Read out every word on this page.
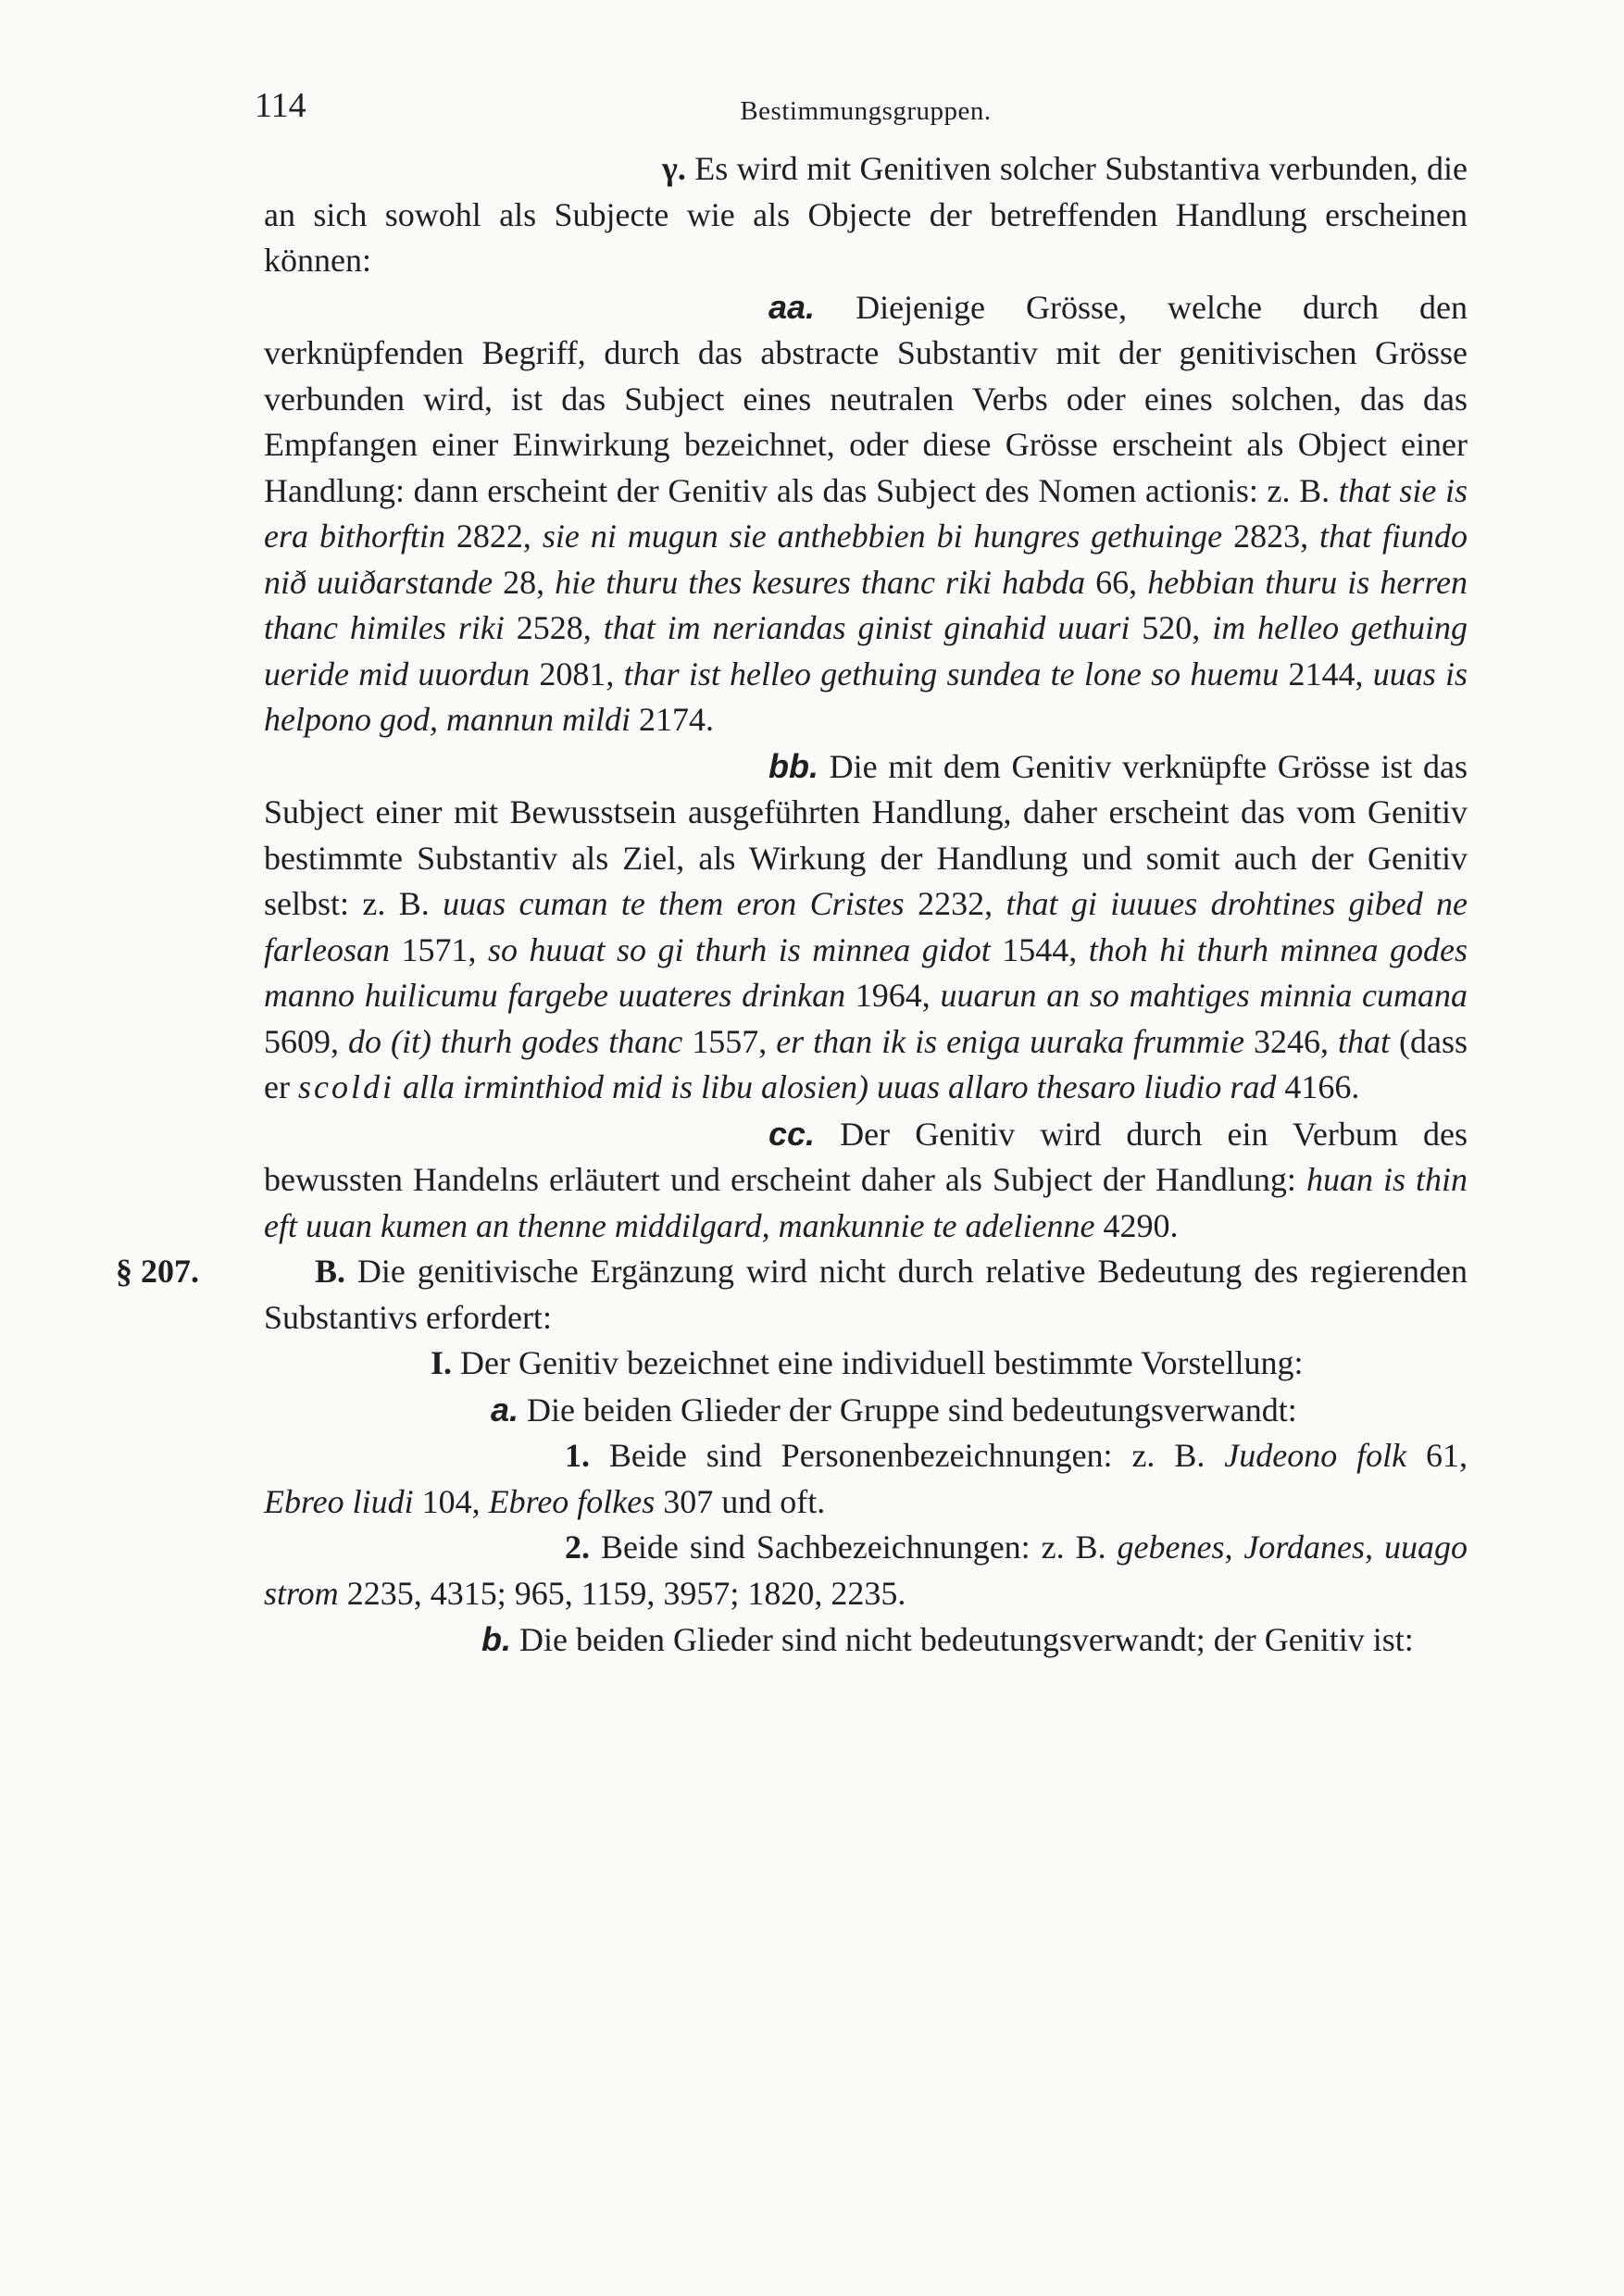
114	Bestimmungsgruppen.

γ. Es wird mit Genitiven solcher Substantiva verbunden, die an sich sowohl als Subjecte wie als Objecte der betreffenden Handlung erscheinen können:

aa. Diejenige Grösse, welche durch den verknüpfenden Begriff, durch das abstracte Substantiv mit der genitivischen Grösse verbunden wird, ist das Subject eines neutralen Verbs oder eines solchen, das das Empfangen einer Einwirkung bezeichnet, oder diese Grösse erscheint als Object einer Handlung: dann erscheint der Genitiv als das Subject des Nomen actionis: z. B. that sie is era bithorftin 2822, sie ni mugun sie anthebbien bi hungres gethuinge 2823, that fiundo nið uuiðarstande 28, hie thuru thes kesures thanc riki habda 66, hebbian thuru is herren thanc himiles riki 2528, that im neriandas ginist ginahid uuari 520, im helleo gethuing ueride mid uuordun 2081, thar ist helleo gethuing sundea te lone so huemu 2144, uuas is helpono god, mannun mildi 2174.

bb. Die mit dem Genitiv verknüpfte Grösse ist das Subject einer mit Bewusstsein ausgeführten Handlung, daher erscheint das vom Genitiv bestimmte Substantiv als Ziel, als Wirkung der Handlung und somit auch der Genitiv selbst: z. B. uuas cuman te them eron Cristes 2232, that gi iuuues drohtines gibed ne farleosan 1571, so huuat so gi thurh is minnea gidot 1544, thoh hi thurh minnea godes manno huilicumu fargebe uuateres drinkan 1964, uuarun an so mahtiges minnia cumana 5609, do (it) thurh godes thanc 1557, er than ik is eniga uuraka frummie 3246, that (dass er scoldi alla irminthiod mid is libu alosien) uuas allaro thesaro liudio rad 4166.

cc. Der Genitiv wird durch ein Verbum des bewussten Handelns erläutert und erscheint daher als Subject der Handlung: huan is thin eft uuan kumen an thenne middilgard, mankunnie te adelienne 4290.

§ 207.	B. Die genitivische Ergänzung wird nicht durch relative Bedeutung des regierenden Substantivs erfordert:

I. Der Genitiv bezeichnet eine individuell bestimmte Vorstellung:

a. Die beiden Glieder der Gruppe sind bedeutungsverwandt:

1. Beide sind Personenbezeichnungen: z. B. Judeono folk 61, Ebreo liudi 104, Ebreo folkes 307 und oft.

2. Beide sind Sachbezeichnungen: z. B. gebenes, Jordanes, uuago strom 2235, 4315; 965, 1159, 3957; 1820, 2235.

b. Die beiden Glieder sind nicht bedeutungsverwandt; der Genitiv ist:
